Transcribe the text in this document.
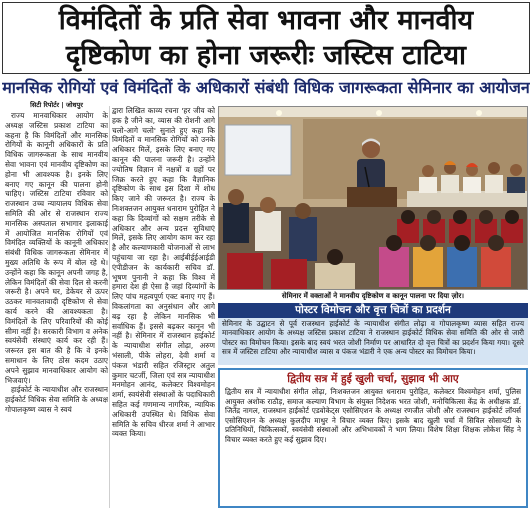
विमंदितों के प्रति सेवा भावना और मानवीय
दृष्टिकोण का होना जरूरीः जस्टिस टाटिया
मानसिक रोगियों एवं विमंदितों के अधिकारों संबंधी विधिक जागरूकता सेमिनार का आयोजन
सिटी रिपोर्टर | जोधपुर

राज्य मानवाधिकार आयोग के अध्यक्ष जस्टिस प्रकाश टाटिया का कहना है कि विमंदितों और मानसिक रोगियों के कानूनी अधिकारों के प्रति विधिक जागरूकता के साथ मानवीय सेवा भावना एवं मानवीय दृष्टिकोण का होना भी आवश्यक है। इनके लिए बनाए गए कानून की पालना होनी चाहिए। जस्टिस टाटिया रविवार को राजस्थान उच्च न्यायालय विधिक सेवा समिति की ओर से राजस्थान राज्य मानसिक अस्पताल सभागार इलाकाई में आयोजित मानसिक रोगियों एवं विमंदित व्यक्तियों के कानूनी अधिकार संबंधी विधिक जागरूकता सेमिनार में मुख्य अतिथि के रूप में बोल रहे थे। उन्होंने कहा कि कानून अपनी जगह है, लेकिन विमंदितों की सेवा दिल से करनी जरूरी है। अपने घर, डेकेयर से ऊपर उठकर मानवतावादी दृष्टिकोण से सेवा कार्य करने की आवश्यकता है। विमंदितों के लिए परिवारियों की कोई सीमा नहीं है। सरकारी विभाग व अनेक स्वयंसेवी संस्थाएं कार्य कर रही हैं। जरूरत इस बात की है कि वे इनके समाधान के लिए ठोस कदम उठाए अपने सुझाव मानवाधिकार आयोग को भिजवाएं।

हाईकोर्ट के न्यायाधीश और राजस्थान हाईकोर्ट विधिक सेवा समिति के अध्यक्ष गोपालकृष्ण व्यास ने स्वयं

द्वारा लिखित काव्य रचना 'हर जीव को हक है जीने का, व्यास की रोशनी आगे चलो-आगे चलो' सुनाते हुए कहा कि विमंदितों व मानसिक रोगियों को उनके अधिकार मिलें, इसके लिए बनाए गए कानून की पालना जरूरी है। उन्होंने ज्योतिष विज्ञान में नक्षत्रों व ग्रहों पर जिक्र करते हुए कहा कि वैज्ञानिक दृष्टिकोण के साथ इस दिशा में शोध किए जाने की जरूरत है। राज्य के निःशक्तजन आयुक्त धनाराम पुरोहित ने कहा कि दिव्यांगों को सक्षम तरीके से अधिकार और अन्य प्रदत्त सुविधाएं मिलें, इसके लिए आयोग काम कर रहा है और कल्याणकारी योजनाओं से लाभ पहुंचाया जा रहा है। आईबीईईआईडी एंपीडीजन के कार्यकारी सचिव डॉ. भूषण पुनानी ने कहा कि विश्व में हमारा देश ही ऐसा है जहां दिव्यांगों के लिए पांच महत्वपूर्ण एक्ट बनाए गए हैं। विकलांगता का अनुसंधान और आगे बढ़ रहा है लेकिन मानसिक भी सर्वाधिक हैं। इससे बढ़कर कानून भी नहीं है। सेमिनार में राजस्थान हाईकोर्ट के न्यायाधीश संगीत लोढ़ा, अरुण भंसाली, पीके लोहरा, देवी शर्मा व पंकज भंडारी सहित रजिस्ट्रार अतुल कुमार चटर्जी, जिला एवं सत्र न्यायाधीश मनमोहन आनंद, कलेक्टर विश्वमोहन शर्मा, स्वयंसेवी संस्थाओं के पदाधिकारी सहित कई गणमान्य नागरिक, न्यायिक अधिकारी उपस्थित थे। विधिक सेवा समिति के सचिव धीरज शर्मा ने आभार व्यक्त किया।

सेमिनार में वक्ताओं ने मानवीय दृष्टिकोण व कानून पालना पर दिया ज़ोर।
पोस्टर विमोचन और वृत्त चित्रों का प्रदर्शन
सेमिनार के उद्घाटन से पूर्व राजस्थान हाईकोर्ट के न्यायाधीश संगीत लोढ़ा व गोपालकृष्ण व्यास सहित राज्य मानवाधिकार आयोग के अध्यक्ष जस्टिस प्रकाश टाटिया ने राजस्थान हाईकोर्ट विधिक सेवा समिति की ओर से जारी पोस्टर का विमोचन किया। इसके बाद स्वयं भरत जोशी निर्माण पर आधारित दो वृत्त चित्रों का प्रदर्शन किया गया। दूसरे सत्र में जस्टिस टाटिया और न्यायाधीश व्यास व पंकज भंडारी ने एक अन्य पोस्टर का विमोचन किया।
द्वितीय सत्र में हुई खुली चर्चा, सुझाव भी आए
द्वितीय सत्र में न्यायाधीश संगीत लोढ़ा, निःशक्तजन आयुक्त धनाराम पुरोहित, कलेक्टर विश्वमोहन शर्मा, पुलिस आयुक्त अशोक राठौड़, समाज कल्याण विभाग के संयुक्त निदेशक भरत जोशी, मनोचिकित्सा केंद्र के अधीक्षक डॉ. जितेंद्र नागल, राजस्थान हाईकोर्ट एडवोकेट्स एसोसिएशन के अध्यक्ष रणजीत जोशी और राजस्थान हाईकोर्ट लॉयर्स एसोसिएशन के अध्यक्ष कुलदीप माथुर ने विचार व्यक्त किए। इसके बाद खुली चर्चा में सिविल सोसायटी के प्रतिनिधियों, चिकित्सकों, स्वयंसेवी संस्थाओं और अभिभावकों ने भाग लिया। विशेष शिक्षा शिक्षक लोकेश सिंह ने विचार व्यक्त करते हुए कई सुझाव दिए।
